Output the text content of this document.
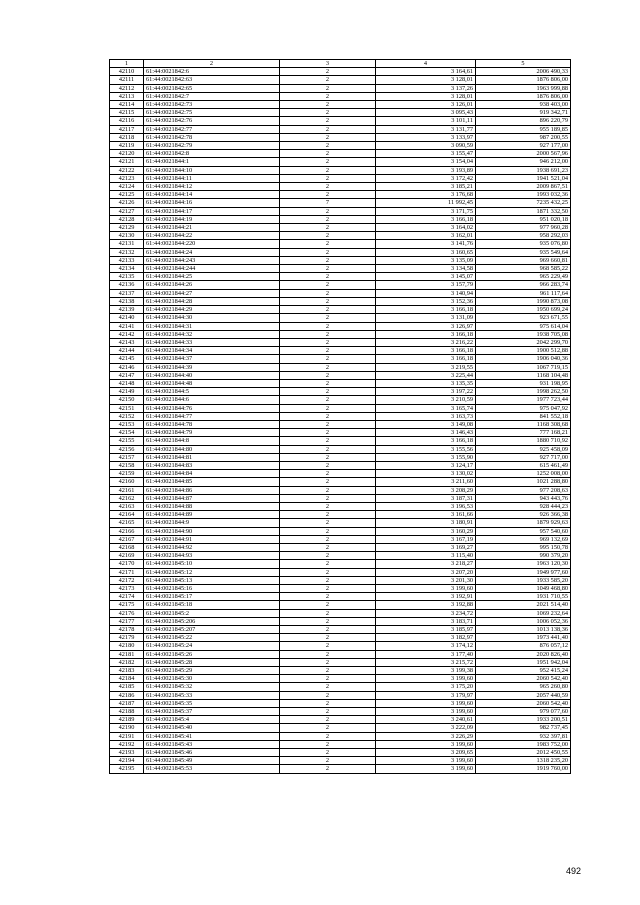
1	2	3	4	5
42110	61:44:0021842:6	2	3 164,61	2006 490,33
42111	61:44:0021842:63	2	3 128,01	1876 806,00
42112	61:44:0021842:65	2	3 137,26	1963 999,88
42113	61:44:0021842:7	2	3 128,01	1876 806,00
42114	61:44:0021842:73	2	3 126,01	938 403,00
42115	61:44:0021842:75	2	3 095,43	919 342,71
42116	61:44:0021842:76	2	3 101,11	896 220,79
42117	61:44:0021842:77	2	3 131,77	955 189,85
42118	61:44:0021842:78	2	3 133,97	987 200,55
42119	61:44:0021842:79	2	3 090,59	927 177,00
42120	61:44:0021842:8	2	3 155,47	2000 567,96
42121	61:44:0021844:1	2	3 154,04	946 212,00
42122	61:44:0021844:10	2	3 193,89	1938 691,23
42123	61:44:0021844:11	2	3 172,42	1941 521,04
42124	61:44:0021844:12	2	3 185,21	2009 867,51
42125	61:44:0021844:14	2	3 176,68	1993 032,36
42126	61:44:0021844:16	7	11 992,45	7235 432,25
42127	61:44:0021844:17	2	3 171,75	1871 332,50
42128	61:44:0021844:19	2	3 166,18	951 020,18
42129	61:44:0021844:21	2	3 164,02	977 960,28
42130	61:44:0021844:22	2	3 162,01	958 292,03
42131	61:44:0021844:220	2	3 141,76	935 076,80
42132	61:44:0021844:24	2	3 160,65	935 549,64
42133	61:44:0021844:243	2	3 135,09	969 660,81
42134	61:44:0021844:244	2	3 134,58	968 585,22
42135	61:44:0021844:25	2	3 145,07	965 229,49
42136	61:44:0021844:26	2	3 157,79	966 283,74
42137	61:44:0021844:27	2	3 140,94	961 117,64
42138	61:44:0021844:28	2	3 152,36	1990 873,08
42139	61:44:0021844:29	2	3 166,18	1950 699,24
42140	61:44:0021844:30	2	3 131,09	923 671,55
42141	61:44:0021844:31	2	3 126,97	975 614,04
42142	61:44:0021844:32	2	3 166,18	1938 705,08
42143	61:44:0021844:33	2	3 216,22	2042 299,70
42144	61:44:0021844:34	2	3 166,18	1900 512,88
42145	61:44:0021844:37	2	3 166,18	1906 040,36
42146	61:44:0021844:39	2	3 219,55	1067 719,15
42147	61:44:0021844:40	2	3 225,44	1168 104,48
42148	61:44:0021844:48	2	3 135,35	931 198,95
42149	61:44:0021844:5	2	3 197,22	1998 262,50
42150	61:44:0021844:6	2	3 210,59	1977 723,44
42151	61:44:0021844:76	2	3 165,74	975 047,92
42152	61:44:0021844:77	2	3 163,73	841 552,18
42153	61:44:0021844:78	2	3 149,08	1168 308,68
42154	61:44:0021844:79	2	3 146,43	777 168,21
42155	61:44:0021844:8	2	3 166,18	1880 710,92
42156	61:44:0021844:80	2	3 155,56	925 458,09
42157	61:44:0021844:81	2	3 155,90	927 717,00
42158	61:44:0021844:83	2	3 124,17	615 461,49
42159	61:44:0021844:84	2	3 130,02	1252 008,00
42160	61:44:0021844:85	2	3 211,60	1021 288,80
42161	61:44:0021844:86	2	3 208,29	977 208,63
42162	61:44:0021844:87	2	3 187,31	943 443,76
42163	61:44:0021844:88	2	3 196,53	928 444,23
42164	61:44:0021844:89	2	3 161,66	926 366,38
42165	61:44:0021844:9	2	3 180,91	1879 929,63
42166	61:44:0021844:90	2	3 160,29	957 540,60
42167	61:44:0021844:91	2	3 167,19	969 132,69
42168	61:44:0021844:92	2	3 169,27	995 150,78
42169	61:44:0021844:93	2	3 115,40	990 379,20
42170	61:44:0021845:10	2	3 218,27	1963 120,30
42171	61:44:0021845:12	2	3 207,20	1949 977,60
42172	61:44:0021845:13	2	3 201,30	1933 585,20
42173	61:44:0021845:16	2	3 199,60	1049 468,80
42174	61:44:0021845:17	2	3 192,91	1931 710,55
42175	61:44:0021845:18	2	3 192,88	2021 514,40
42176	61:44:0021845:2	2	3 234,72	1069 232,64
42177	61:44:0021845:206	2	3 183,71	1006 052,36
42178	61:44:0021845:207	2	3 185,97	1013 138,36
42179	61:44:0021845:22	2	3 182,97	1973 441,40
42180	61:44:0021845:24	2	3 174,12	876 057,12
42181	61:44:0021845:26	2	3 177,40	2020 826,40
42182	61:44:0021845:28	2	3 215,72	1951 942,04
42183	61:44:0021845:29	2	3 199,38	952 415,24
42184	61:44:0021845:30	2	3 199,60	2060 542,40
42185	61:44:0021845:32	2	3 175,20	965 260,80
42186	61:44:0021845:33	2	3 179,97	2057 440,59
42187	61:44:0021845:35	2	3 199,60	2060 542,40
42188	61:44:0021845:37	2	3 199,60	979 077,60
42189	61:44:0021845:4	2	3 240,61	1933 200,51
42190	61:44:0021845:40	2	3 222,09	982 737,45
42191	61:44:0021845:41	2	3 226,29	932 397,81
42192	61:44:0021845:43	2	3 199,60	1983 752,00
42193	61:44:0021845:46	2	3 209,65	2012 450,55
42194	61:44:0021845:49	2	3 199,60	1318 235,20
42195	61:44:0021845:53	2	3 199,60	1919 760,00
492
